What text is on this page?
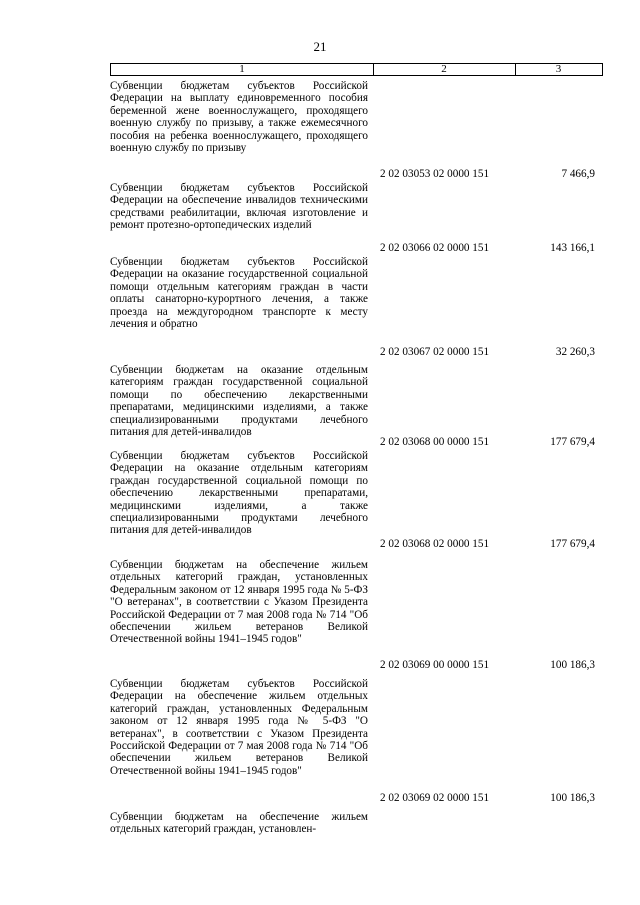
21
1	2	3
Субвенции бюджетам субъектов Российской Федерации на выплату единовременного пособия беременной жене военнослужащего, проходящего военную службу по призыву, а также ежемесячного пособия на ребенка военнослужащего, проходящего военную службу по призыву
2 02 03053 02 0000 151	7 466,9
Субвенции бюджетам субъектов Российской Федерации на обеспечение инвалидов техническими средствами реабилитации, включая изготовление и ремонт протезно-ортопедических изделий
2 02 03066 02 0000 151	143 166,1
Субвенции бюджетам субъектов Российской Федерации на оказание государственной социальной помощи отдельным категориям граждан в части оплаты санаторно-курортного лечения, а также проезда на междугородном транспорте к месту лечения и обратно
2 02 03067 02 0000 151	32 260,3
Субвенции бюджетам на оказание отдельным категориям граждан государственной социальной помощи по обеспечению лекарственными препаратами, медицинскими изделиями, а также специализированными продуктами лечебного питания для детей-инвалидов
2 02 03068 00 0000 151	177 679,4
Субвенции бюджетам субъектов Российской Федерации на оказание отдельным категориям граждан государственной социальной помощи по обеспечению лекарственными препаратами, медицинскими изделиями, а также специализированными продуктами лечебного питания для детей-инвалидов
2 02 03068 02 0000 151	177 679,4
Субвенции бюджетам на обеспечение жильем отдельных категорий граждан, установленных Федеральным законом от 12 января 1995 года № 5-ФЗ "О ветеранах", в соответствии с Указом Президента Российской Федерации от 7 мая 2008 года № 714 "Об обеспечении жильем ветеранов Великой Отечественной войны 1941–1945 годов"
2 02 03069 00 0000 151	100 186,3
Субвенции бюджетам субъектов Российской Федерации на обеспечение жильем отдельных категорий граждан, установленных Федеральным законом от 12 января 1995 года № 5-ФЗ "О ветеранах", в соответствии с Указом Президента Российской Федерации от 7 мая 2008 года № 714 "Об обеспечении жильем ветеранов Великой Отечественной войны 1941–1945 годов"
2 02 03069 02 0000 151	100 186,3
Субвенции бюджетам на обеспечение жильем отдельных категорий граждан, установлен-
